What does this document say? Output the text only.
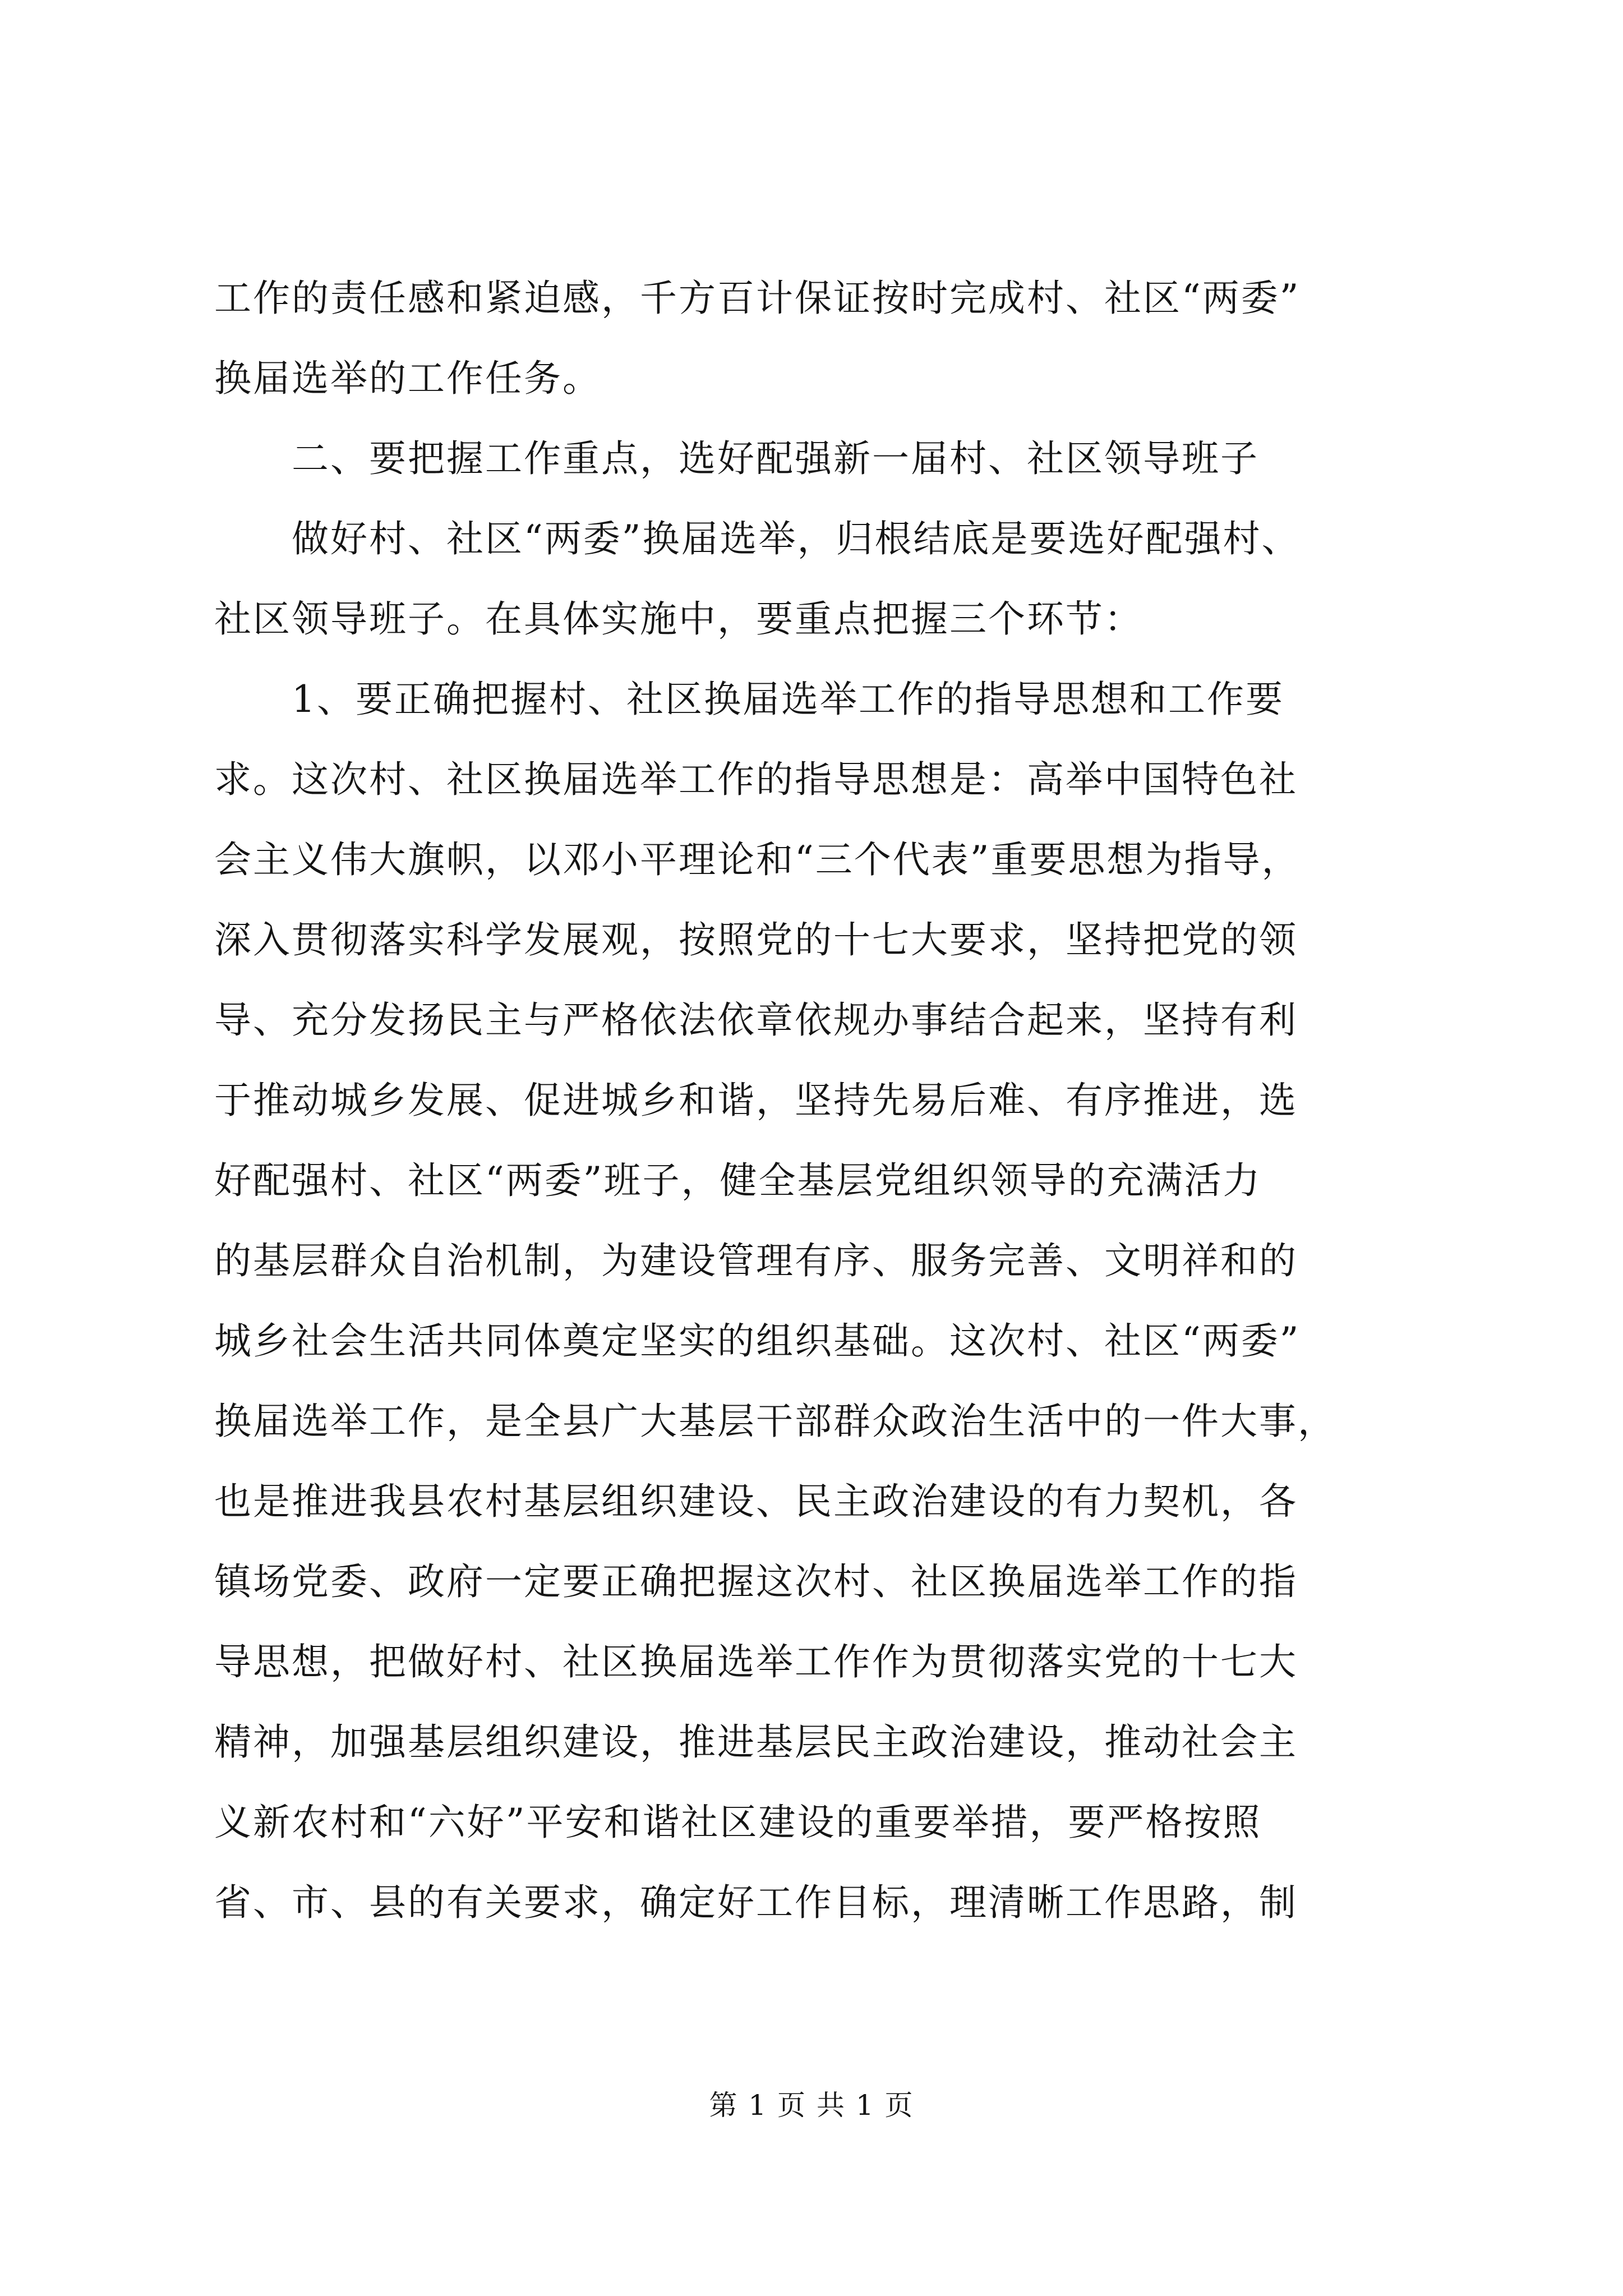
工作的责任感和紧迫感，千方百计保证按时完成村、社区“两委”
换届选举的工作任务。
二、要把握工作重点，选好配强新一届村、社区领导班子
做好村、社区“两委”换届选举，归根结底是要选好配强村、
社区领导班子。在具体实施中，要重点把握三个环节：
1、要正确把握村、社区换届选举工作的指导思想和工作要
求。这次村、社区换届选举工作的指导思想是：高举中国特色社
会主义伟大旗帜，以邓小平理论和“三个代表”重要思想为指导，
深入贯彻落实科学发展观，按照党的十七大要求，坚持把党的领
导、充分发扬民主与严格依法依章依规办事结合起来，坚持有利
于推动城乡发展、促进城乡和谐，坚持先易后难、有序推进，选
好配强村、社区“两委”班子，健全基层党组织领导的充满活力
的基层群众自治机制，为建设管理有序、服务完善、文明祥和的
城乡社会生活共同体奠定坚实的组织基础。这次村、社区“两委”
换届选举工作，是全县广大基层干部群众政治生活中的一件大事，
也是推进我县农村基层组织建设、民主政治建设的有力契机，各
镇场党委、政府一定要正确把握这次村、社区换届选举工作的指
导思想，把做好村、社区换届选举工作作为贯彻落实党的十七大
精神，加强基层组织建设，推进基层民主政治建设，推动社会主
义新农村和“六好”平安和谐社区建设的重要举措，要严格按照
省、市、县的有关要求，确定好工作目标，理清晰工作思路，制
第 1 页 共 1 页
